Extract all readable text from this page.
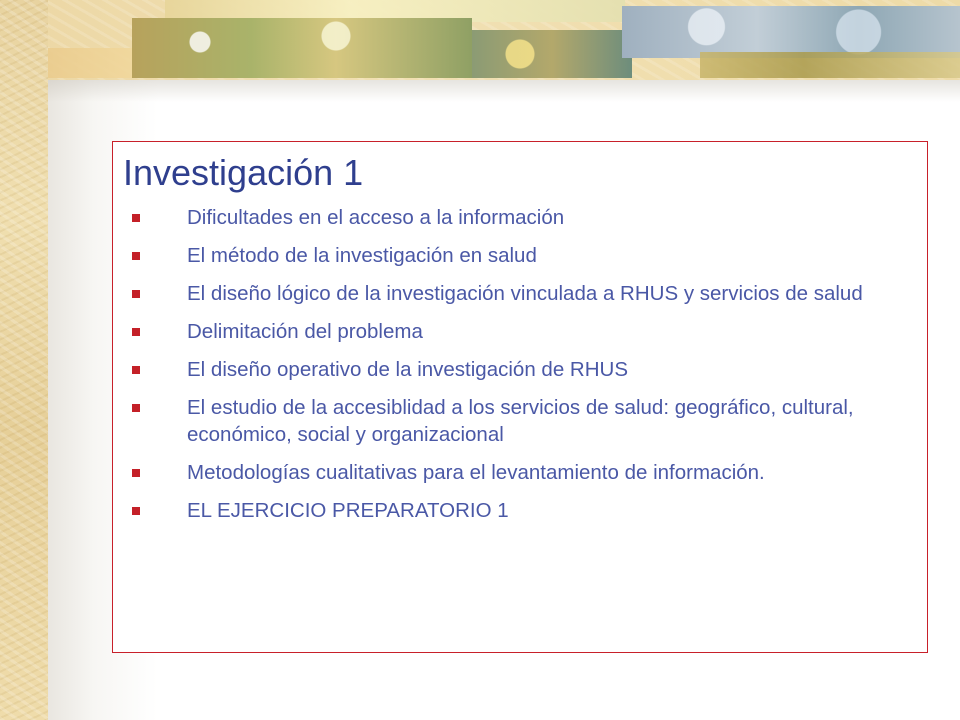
Investigación 1
Dificultades en el acceso a la información
El método de la investigación en salud
El diseño lógico de la investigación vinculada a RHUS y servicios de salud
Delimitación del problema
El diseño operativo de la investigación de RHUS
El estudio de la accesiblidad a los servicios de salud: geográfico, cultural, económico, social y organizacional
Metodologías cualitativas para el levantamiento de información.
EL EJERCICIO PREPARATORIO 1
